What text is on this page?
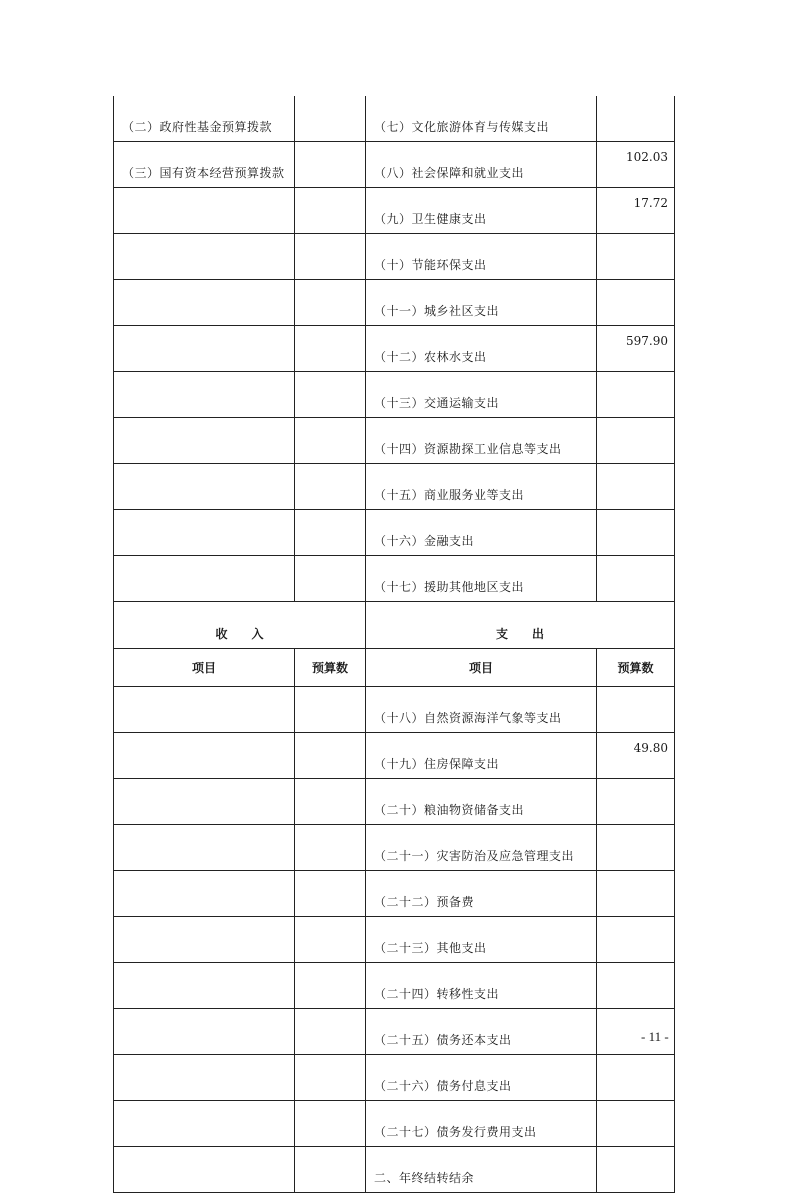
（二）政府性基金预算拨款		（七）文化旅游体育与传媒支出	
（三）国有资本经营预算拨款		（八）社会保障和就业支出	102.03
		（九）卫生健康支出	17.72
		（十）节能环保支出	
		（十一）城乡社区支出	
		（十二）农林水支出	597.90
		（十三）交通运输支出	
		（十四）资源勘探工业信息等支出	
		（十五）商业服务业等支出	
		（十六）金融支出	
		（十七）援助其他地区支出	
收　　入		支　　出	
项目	预算数	项目	预算数
		（十八）自然资源海洋气象等支出	
		（十九）住房保障支出	49.80
		（二十）粮油物资储备支出	
		（二十一）灾害防治及应急管理支出	
		（二十二）预备费	
		（二十三）其他支出	
		（二十四）转移性支出	
		（二十五）债务还本支出	
		（二十六）债务付息支出	
		（二十七）债务发行费用支出	
		二、年终结转结余	
- 11 -
